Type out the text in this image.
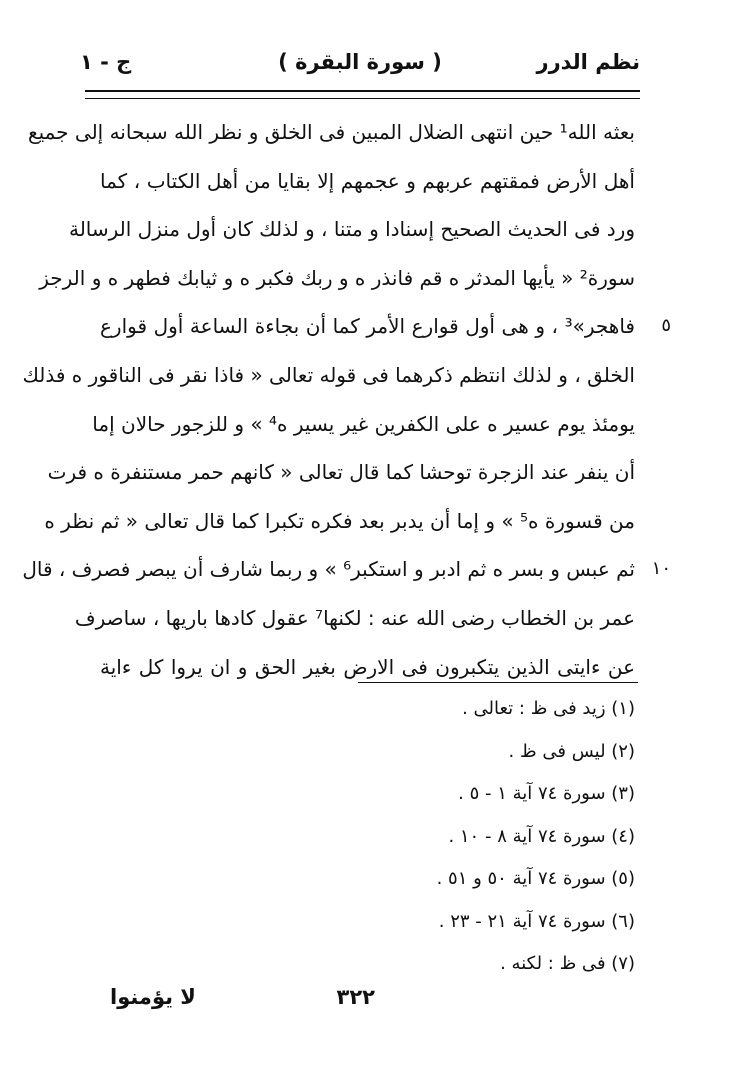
نظم الدرر
( سورة البقرة )
ج - ١
بعثه الله¹ حين انتهى الضلال المبين فى الخلق و نظر الله سبحانه إلى جميع
أهل الأرض فمقتهم عربهم و عجمهم إلا بقايا من أهل الكتاب ، كما
ورد فى الحديث الصحيح إسنادا و متنا ، و لذلك كان أول منزل الرسالة
سورة² « يأيها المدثر ه قم فانذر ه و ربك فكبر ه و ثيابك فطهر ه و الرجز
٥
فاهجر»³ ، و هى أول قوارع الأمر كما أن بجاءة الساعة أول قوارع
الخلق ، و لذلك انتظم ذكرهما فى قوله تعالى « فاذا نقر فى الناقور ه فذلك
يومئذ يوم عسير ه على الكفرين غير يسير ه⁴ » و للزجور حالان إما
أن ينفر عند الزجرة توحشا كما قال تعالى « كانهم حمر مستنفرة ه فرت
من قسورة ه⁵ » و إما أن يدبر بعد فكره تكبرا كما قال تعالى « ثم نظر ه
١٠
ثم عبس و بسر ه ثم ادبر و استكبر⁶ » و ربما شارف أن يبصر فصرف ، قال
عمر بن الخطاب رضى الله عنه : لكنها⁷ عقول كادها باريها ، ساصرف
عن ءايتى الذين يتكبرون فى الارض بغير الحق و ان يروا كل ءاية
(١) زيد فى ظ : تعالى .
(٢) ليس فى ظ .
(٣) سورة ٧٤ آية ١ - ٥ .
(٤) سورة ٧٤ آية ٨ - ١٠ .
(٥) سورة ٧٤ آية ٥٠ و ٥١ .
(٦) سورة ٧٤ آية ٢١ - ٢٣ .
(٧) فى ظ : لكنه .
٣٢٢
لا يؤمنوا
